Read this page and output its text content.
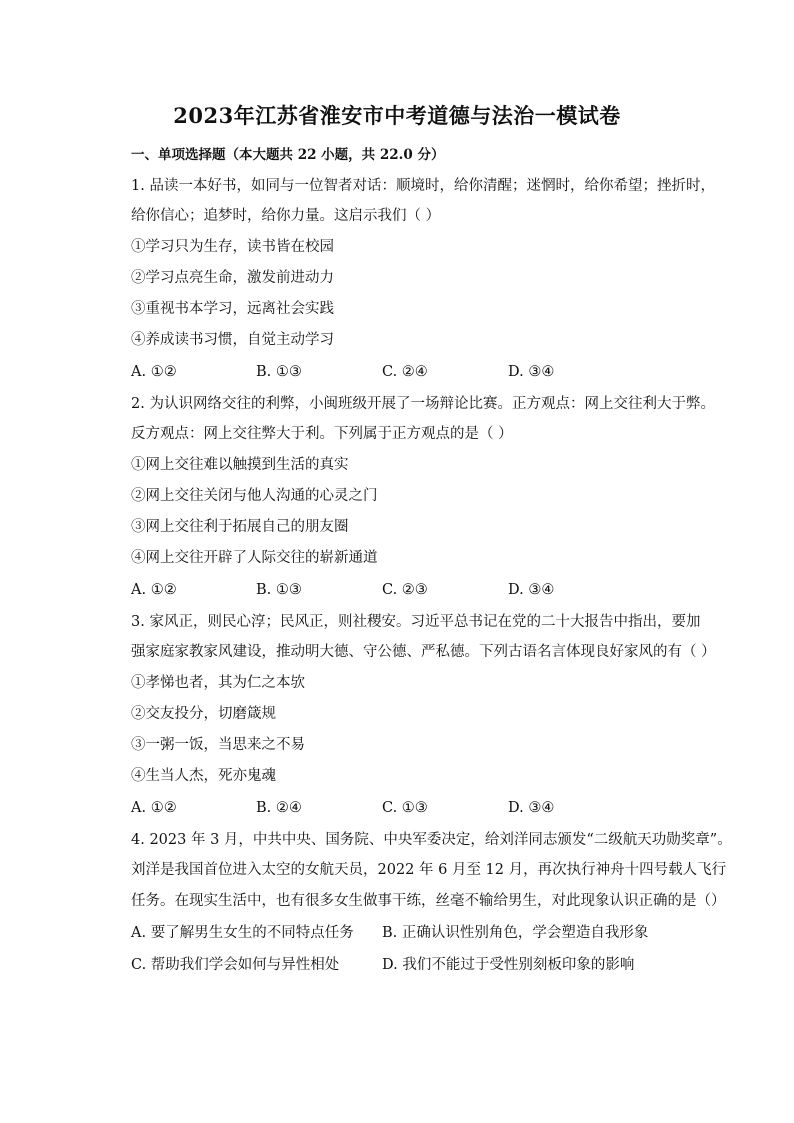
2023年江苏省淮安市中考道德与法治一模试卷
一、单项选择题（本大题共 22 小题，共 22.0 分）
1. 品读一本好书，如同与一位智者对话：顺境时，给你清醒；迷惘时，给你希望；挫折时，
给你信心；追梦时，给你力量。这启示我们（ ）
①学习只为生存，读书皆在校园
②学习点亮生命，激发前进动力
③重视书本学习，远离社会实践
④养成读书习惯，自觉主动学习
A. ①②	B. ①③	C. ②④	D. ③④
2. 为认识网络交往的利弊，小闽班级开展了一场辩论比赛。正方观点：网上交往利大于弊。
反方观点：网上交往弊大于利。下列属于正方观点的是（ ）
①网上交往难以触摸到生活的真实
②网上交往关闭与他人沟通的心灵之门
③网上交往利于拓展自己的朋友圈
④网上交往开辟了人际交往的崭新通道
A. ①②	B. ①③	C. ②③	D. ③④
3. 家风正，则民心淳；民风正，则社稷安。习近平总书记在党的二十大报告中指出，要加
强家庭家教家风建设，推动明大德、守公德、严私德。下列古语名言体现良好家风的有（ ）
①孝悌也者，其为仁之本欤
②交友投分，切磨箴规
③一粥一饭，当思来之不易
④生当人杰，死亦鬼魂
A. ①②	B. ②④	C. ①③	D. ③④
4. 2023 年 3 月，中共中央、国务院、中央军委决定，给刘洋同志颁发“二级航天功勋奖章”。
刘洋是我国首位进入太空的女航天员，2022 年 6 月至 12 月，再次执行神舟十四号载人飞行
任务。在现实生活中，也有很多女生做事干练，丝毫不输给男生，对此现象认识正确的是（）
A. 要了解男生女生的不同特点任务 B. 正确认识性别角色，学会塑造自我形象
C. 帮助我们学会如何与异性相处	D. 我们不能过于受性别刻板印象的影响
